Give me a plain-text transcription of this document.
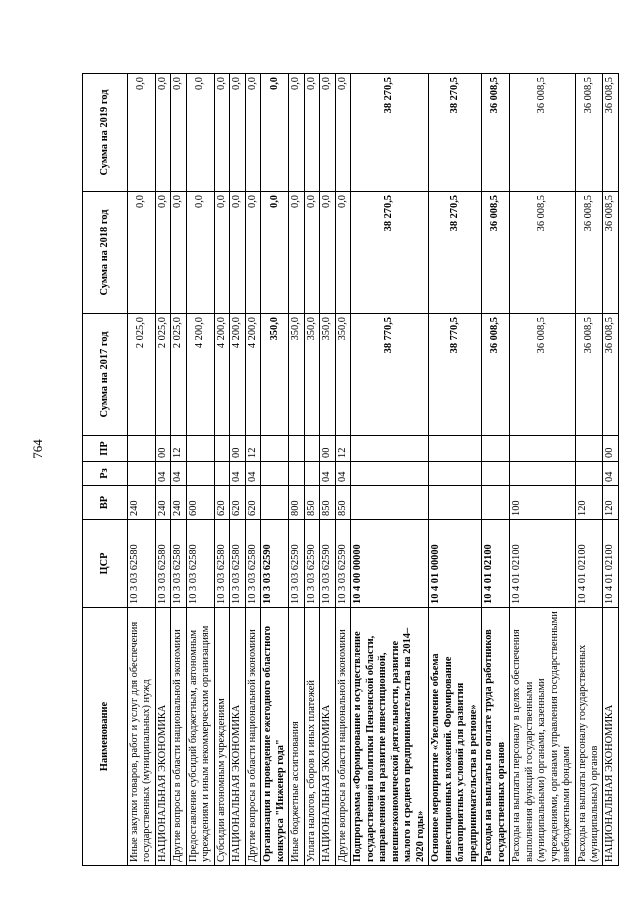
764
Наименование	ЦСР	ВР	Рз	ПР	Сумма на 2017 год	Сумма на 2018 год	Сумма на 2019 год
Иные закупки товаров, работ и услуг для обеспечения государственных (муниципальных) нужд	10 3 03 62580	240			2 025,0	0,0	0,0
НАЦИОНАЛЬНАЯ ЭКОНОМИКА	10 3 03 62580	240	04	00	2 025,0	0,0	0,0
Другие вопросы в области национальной экономики	10 3 03 62580	240	04	12	2 025,0	0,0	0,0
Предоставление субсидий бюджетным, автономным учреждениям и иным некоммерческим организациям	10 3 03 62580	600			4 200,0	0,0	0,0
Субсидии автономным учреждениям	10 3 03 62580	620			4 200,0	0,0	0,0
НАЦИОНАЛЬНАЯ ЭКОНОМИКА	10 3 03 62580	620	04	00	4 200,0	0,0	0,0
Другие вопросы в области национальной экономики	10 3 03 62580	620	04	12	4 200,0	0,0	0,0
Организация и проведение ежегодного областного конкурса "Инженер года"	10 3 03 62590				350,0	0,0	0,0
Иные бюджетные ассигнования	10 3 03 62590	800			350,0	0,0	0,0
Уплата налогов, сборов и иных платежей	10 3 03 62590	850			350,0	0,0	0,0
НАЦИОНАЛЬНАЯ ЭКОНОМИКА	10 3 03 62590	850	04	00	350,0	0,0	0,0
Другие вопросы в области национальной экономики	10 3 03 62590	850	04	12	350,0	0,0	0,0
Подпрограмма «Формирование и осуществление государственной политики Пензенской области, направленной на развитие инвестиционной, внешнеэкономической деятельности, развитие малого и среднего предпринимательства на 2014–2020 годы»	10 4 00 00000				38 770,5	38 270,5	38 270,5
Основное мероприятие «Увеличение объема инвестиционных вложений. Формирование благоприятных условий для развития предпринимательства в регионе»	10 4 01 00000				38 770,5	38 270,5	38 270,5
Расходы на выплаты по оплате труда работников государственных органов	10 4 01 02100				36 008,5	36 008,5	36 008,5
Расходы на выплаты персоналу в целях обеспечения выполнения функций государственными (муниципальными) органами, казенными учреждениями, органами управления государственными внебюджетными фондами	10 4 01 02100	100			36 008,5	36 008,5	36 008,5
Расходы на выплаты персоналу государственных (муниципальных) органов	10 4 01 02100	120			36 008,5	36 008,5	36 008,5
НАЦИОНАЛЬНАЯ ЭКОНОМИКА	10 4 01 02100	120	04	00	36 008,5	36 008,5	36 008,5
